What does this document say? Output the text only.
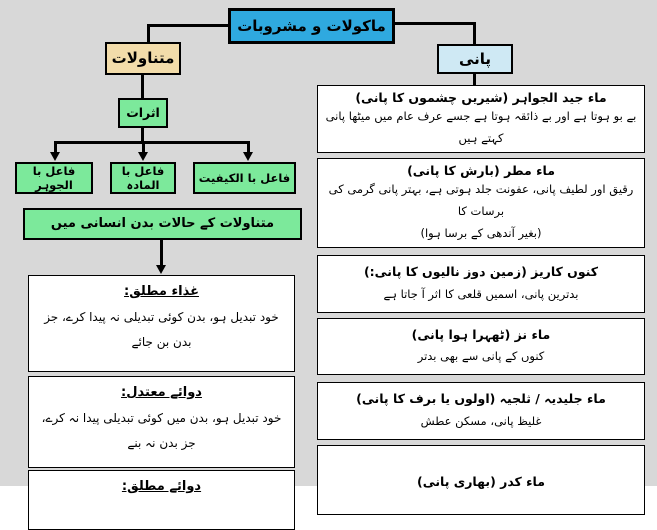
ماکولات و مشروبات
متناولات	پانی
اثرات
فاعل با الجوہر
فاعل با المادہ
فاعل با الکیفیت
متناولات کے حالات بدن انسانی میں
غذاء مطلق:
خود تبدیل ہو، بدن کوئی تبدیلی نہ پیدا کرے، جز بدن بن جائے
دوائے معتدل:
خود تبدیل ہو، بدن میں کوئی تبدیلی پیدا نہ کرے، جز بدن نہ بنے
دوائے مطلق:
ماء جید الجواہر (شیریں چشموں کا پانی)
بے بو ہوتا ہے اور بے ذائقہ ہوتا ہے جسے عرف عام میں میٹھا پانی کہتے ہیں
ماء مطر (بارش کا پانی)
رقیق اور لطیف پانی، عفونت جلد ہوتی ہے، بہتر پانی گرمی کی برسات کا
(بغیر آندھی کے برسا ہوا)
کنوں کاریز (زمین دوز نالیوں کا پانی:)
بدترین پانی، اسمیں قلعی کا اثر آ جاتا ہے
ماء نز (ٹھہرا ہوا پانی)
کنوں کے پانی سے بھی بدتر
ماء جلیدیہ / ثلجیہ (اولوں یا برف کا پانی)
غلیظ پانی، مسکن عطش
ماء کدر (بھاری پانی)
